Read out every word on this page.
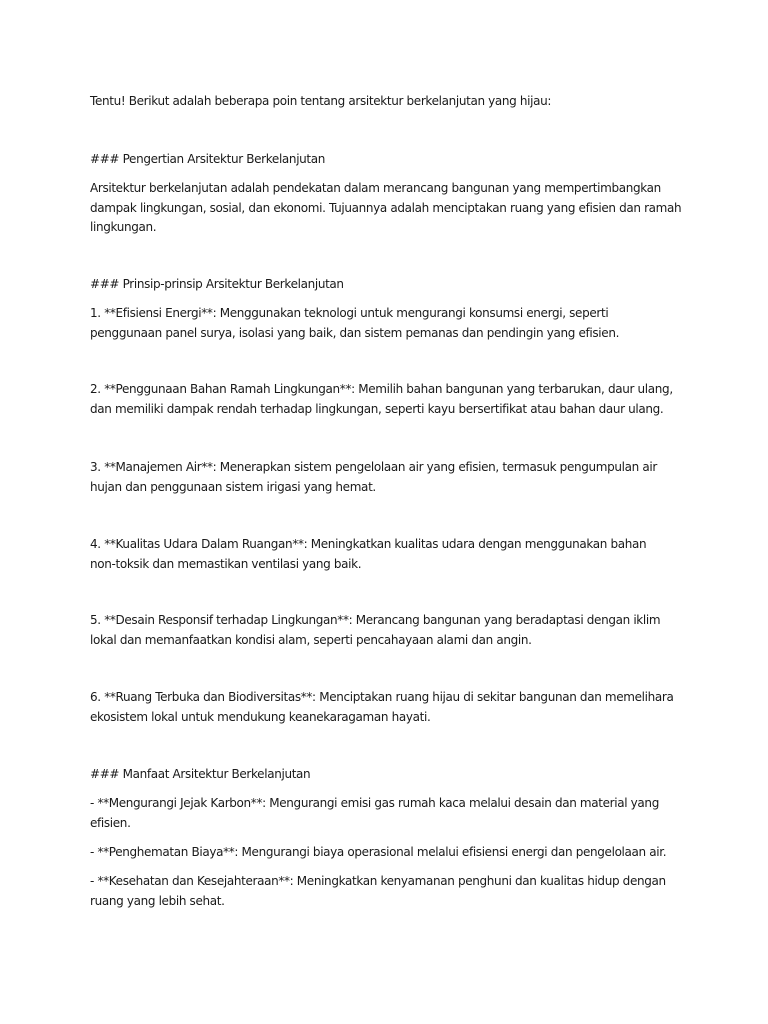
Tentu! Berikut adalah beberapa poin tentang arsitektur berkelanjutan yang hijau:

### Pengertian Arsitektur Berkelanjutan

Arsitektur berkelanjutan adalah pendekatan dalam merancang bangunan yang mempertimbangkan dampak lingkungan, sosial, dan ekonomi. Tujuannya adalah menciptakan ruang yang efisien dan ramah lingkungan.

### Prinsip-prinsip Arsitektur Berkelanjutan

1. **Efisiensi Energi**: Menggunakan teknologi untuk mengurangi konsumsi energi, seperti penggunaan panel surya, isolasi yang baik, dan sistem pemanas dan pendingin yang efisien.

2. **Penggunaan Bahan Ramah Lingkungan**: Memilih bahan bangunan yang terbarukan, daur ulang, dan memiliki dampak rendah terhadap lingkungan, seperti kayu bersertifikat atau bahan daur ulang.

3. **Manajemen Air**: Menerapkan sistem pengelolaan air yang efisien, termasuk pengumpulan air hujan dan penggunaan sistem irigasi yang hemat.

4. **Kualitas Udara Dalam Ruangan**: Meningkatkan kualitas udara dengan menggunakan bahan non-toksik dan memastikan ventilasi yang baik.

5. **Desain Responsif terhadap Lingkungan**: Merancang bangunan yang beradaptasi dengan iklim lokal dan memanfaatkan kondisi alam, seperti pencahayaan alami dan angin.

6. **Ruang Terbuka dan Biodiversitas**: Menciptakan ruang hijau di sekitar bangunan dan memelihara ekosistem lokal untuk mendukung keanekaragaman hayati.

### Manfaat Arsitektur Berkelanjutan

- **Mengurangi Jejak Karbon**: Mengurangi emisi gas rumah kaca melalui desain dan material yang efisien.

- **Penghematan Biaya**: Mengurangi biaya operasional melalui efisiensi energi dan pengelolaan air.

- **Kesehatan dan Kesejahteraan**: Meningkatkan kenyamanan penghuni dan kualitas hidup dengan ruang yang lebih sehat.
